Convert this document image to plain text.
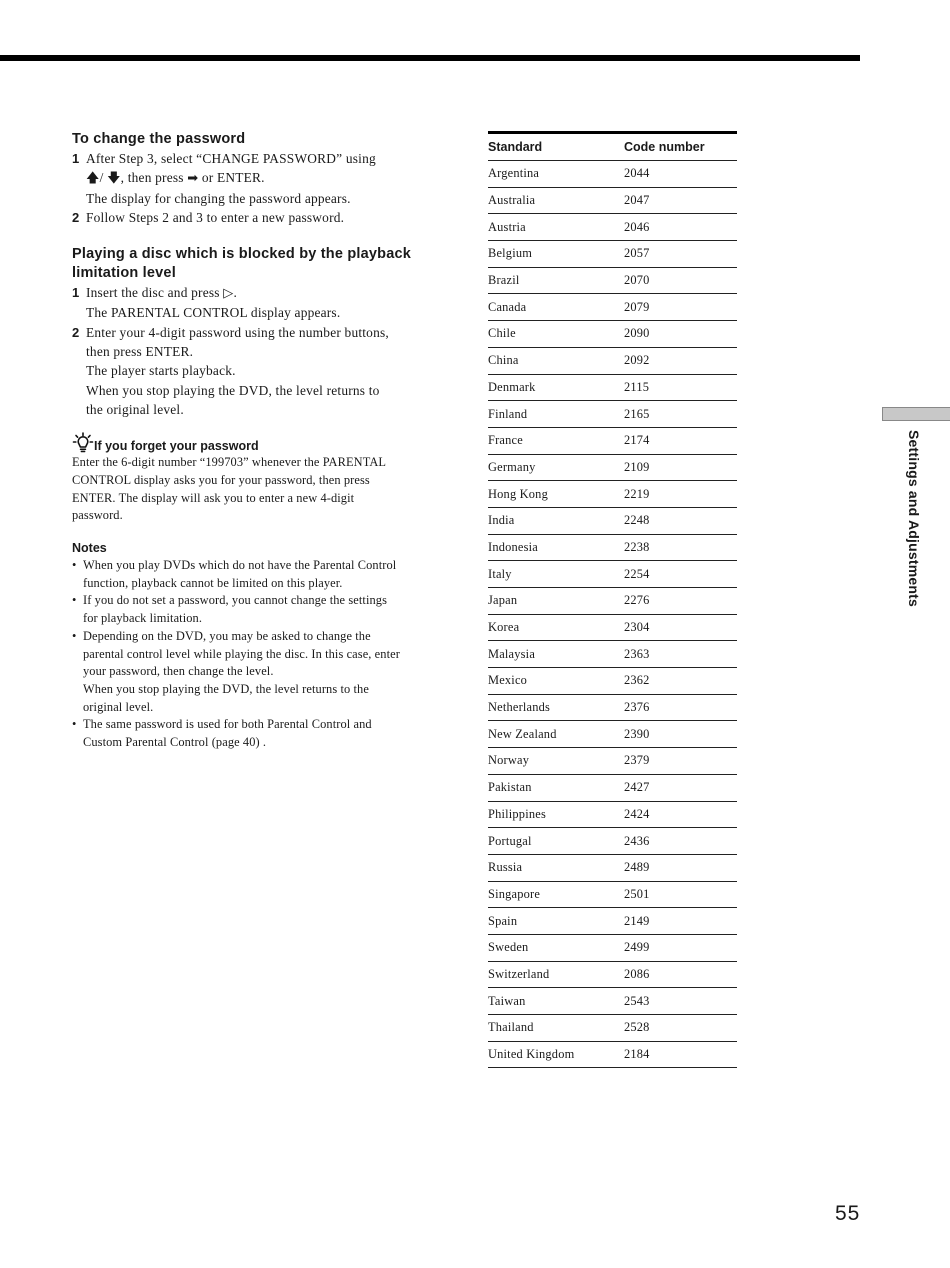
To change the password
1 After Step 3, select “CHANGE PASSWORD” using
🡅/ 🡇, then press ➡ or ENTER.
The display for changing the password appears.
2 Follow Steps 2 and 3 to enter a new password.
Playing a disc which is blocked by the playback
limitation level
1 Insert the disc and press ▷.
The PARENTAL CONTROL display appears.
2 Enter your 4-digit password using the number buttons,
then press ENTER.
The player starts playback.
When you stop playing the DVD, the level returns to
the original level.
If you forget your password
Enter the 6-digit number “199703” whenever the PARENTAL
CONTROL display asks you for your password, then press
ENTER. The display will ask you to enter a new 4-digit
password.
Notes
• When you play DVDs which do not have the Parental Control
function, playback cannot be limited on this player.
• If you do not set a password, you cannot change the settings
for playback limitation.
• Depending on the DVD, you may be asked to change the
parental control level while playing the disc. In this case, enter
your password, then change the level.
When you stop playing the DVD, the level returns to the
original level.
• The same password is used for both Parental Control and
Custom Parental Control (page 40) .
Standard	Code number
Argentina	2044
Australia	2047
Austria	2046
Belgium	2057
Brazil	2070
Canada	2079
Chile	2090
China	2092
Denmark	2115
Finland	2165
France	2174
Germany	2109
Hong Kong	2219
India	2248
Indonesia	2238
Italy	2254
Japan	2276
Korea	2304
Malaysia	2363
Mexico	2362
Netherlands	2376
New Zealand	2390
Norway	2379
Pakistan	2427
Philippines	2424
Portugal	2436
Russia	2489
Singapore	2501
Spain	2149
Sweden	2499
Switzerland	2086
Taiwan	2543
Thailand	2528
United Kingdom	2184
Settings and Adjustments
55
